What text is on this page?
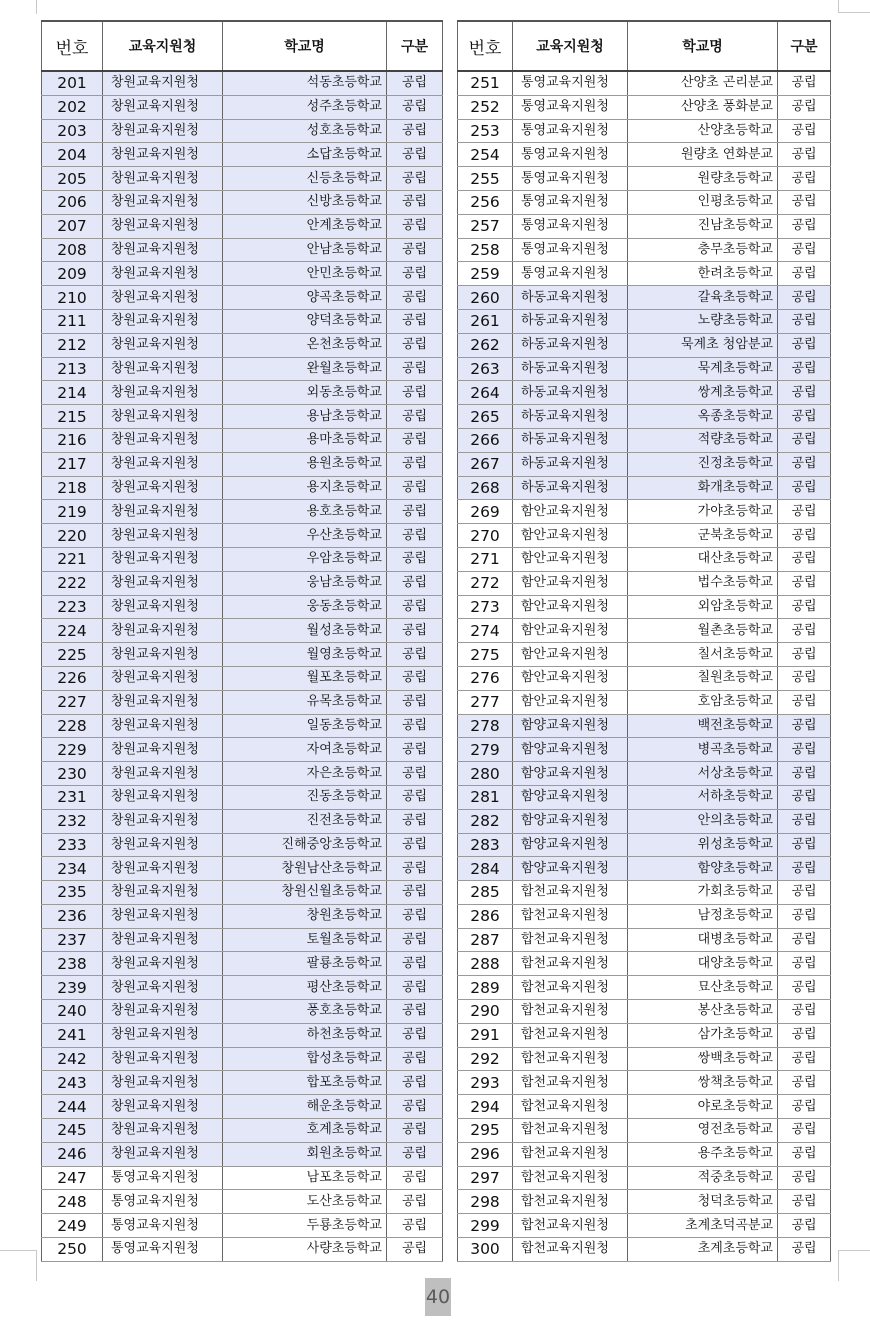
번호	교육지원청	학교명	구분
201	창원교육지원청	석동초등학교	공립
202	창원교육지원청	성주초등학교	공립
203	창원교육지원청	성호초등학교	공립
204	창원교육지원청	소답초등학교	공립
205	창원교육지원청	신등초등학교	공립
206	창원교육지원청	신방초등학교	공립
207	창원교육지원청	안계초등학교	공립
208	창원교육지원청	안남초등학교	공립
209	창원교육지원청	안민초등학교	공립
210	창원교육지원청	양곡초등학교	공립
211	창원교육지원청	양덕초등학교	공립
212	창원교육지원청	온천초등학교	공립
213	창원교육지원청	완월초등학교	공립
214	창원교육지원청	외동초등학교	공립
215	창원교육지원청	용남초등학교	공립
216	창원교육지원청	용마초등학교	공립
217	창원교육지원청	용원초등학교	공립
218	창원교육지원청	용지초등학교	공립
219	창원교육지원청	용호초등학교	공립
220	창원교육지원청	우산초등학교	공립
221	창원교육지원청	우암초등학교	공립
222	창원교육지원청	웅남초등학교	공립
223	창원교육지원청	웅동초등학교	공립
224	창원교육지원청	월성초등학교	공립
225	창원교육지원청	월영초등학교	공립
226	창원교육지원청	월포초등학교	공립
227	창원교육지원청	유목초등학교	공립
228	창원교육지원청	일동초등학교	공립
229	창원교육지원청	자여초등학교	공립
230	창원교육지원청	자은초등학교	공립
231	창원교육지원청	진동초등학교	공립
232	창원교육지원청	진전초등학교	공립
233	창원교육지원청	진해중앙초등학교	공립
234	창원교육지원청	창원남산초등학교	공립
235	창원교육지원청	창원신월초등학교	공립
236	창원교육지원청	창원초등학교	공립
237	창원교육지원청	토월초등학교	공립
238	창원교육지원청	팔룡초등학교	공립
239	창원교육지원청	평산초등학교	공립
240	창원교육지원청	풍호초등학교	공립
241	창원교육지원청	하천초등학교	공립
242	창원교육지원청	합성초등학교	공립
243	창원교육지원청	합포초등학교	공립
244	창원교육지원청	해운초등학교	공립
245	창원교육지원청	호계초등학교	공립
246	창원교육지원청	회원초등학교	공립
247	통영교육지원청	남포초등학교	공립
248	통영교육지원청	도산초등학교	공립
249	통영교육지원청	두룡초등학교	공립
250	통영교육지원청	사량초등학교	공립
번호	교육지원청	학교명	구분
251	통영교육지원청	산양초 곤리분교	공립
252	통영교육지원청	산양초 풍화분교	공립
253	통영교육지원청	산양초등학교	공립
254	통영교육지원청	원량초 연화분교	공립
255	통영교육지원청	원량초등학교	공립
256	통영교육지원청	인평초등학교	공립
257	통영교육지원청	진남초등학교	공립
258	통영교육지원청	충무초등학교	공립
259	통영교육지원청	한려초등학교	공립
260	하동교육지원청	갈육초등학교	공립
261	하동교육지원청	노량초등학교	공립
262	하동교육지원청	묵계초 청암분교	공립
263	하동교육지원청	묵계초등학교	공립
264	하동교육지원청	쌍계초등학교	공립
265	하동교육지원청	옥종초등학교	공립
266	하동교육지원청	적량초등학교	공립
267	하동교육지원청	진정초등학교	공립
268	하동교육지원청	화개초등학교	공립
269	함안교육지원청	가야초등학교	공립
270	함안교육지원청	군북초등학교	공립
271	함안교육지원청	대산초등학교	공립
272	함안교육지원청	법수초등학교	공립
273	함안교육지원청	외암초등학교	공립
274	함안교육지원청	월촌초등학교	공립
275	함안교육지원청	칠서초등학교	공립
276	함안교육지원청	칠원초등학교	공립
277	함안교육지원청	호암초등학교	공립
278	함양교육지원청	백전초등학교	공립
279	함양교육지원청	병곡초등학교	공립
280	함양교육지원청	서상초등학교	공립
281	함양교육지원청	서하초등학교	공립
282	함양교육지원청	안의초등학교	공립
283	함양교육지원청	위성초등학교	공립
284	함양교육지원청	함양초등학교	공립
285	합천교육지원청	가회초등학교	공립
286	합천교육지원청	남정초등학교	공립
287	합천교육지원청	대병초등학교	공립
288	합천교육지원청	대양초등학교	공립
289	합천교육지원청	묘산초등학교	공립
290	합천교육지원청	봉산초등학교	공립
291	합천교육지원청	삼가초등학교	공립
292	합천교육지원청	쌍백초등학교	공립
293	합천교육지원청	쌍책초등학교	공립
294	합천교육지원청	야로초등학교	공립
295	합천교육지원청	영전초등학교	공립
296	합천교육지원청	용주초등학교	공립
297	합천교육지원청	적중초등학교	공립
298	합천교육지원청	청덕초등학교	공립
299	합천교육지원청	초계초덕곡분교	공립
300	합천교육지원청	초계초등학교	공립
40
